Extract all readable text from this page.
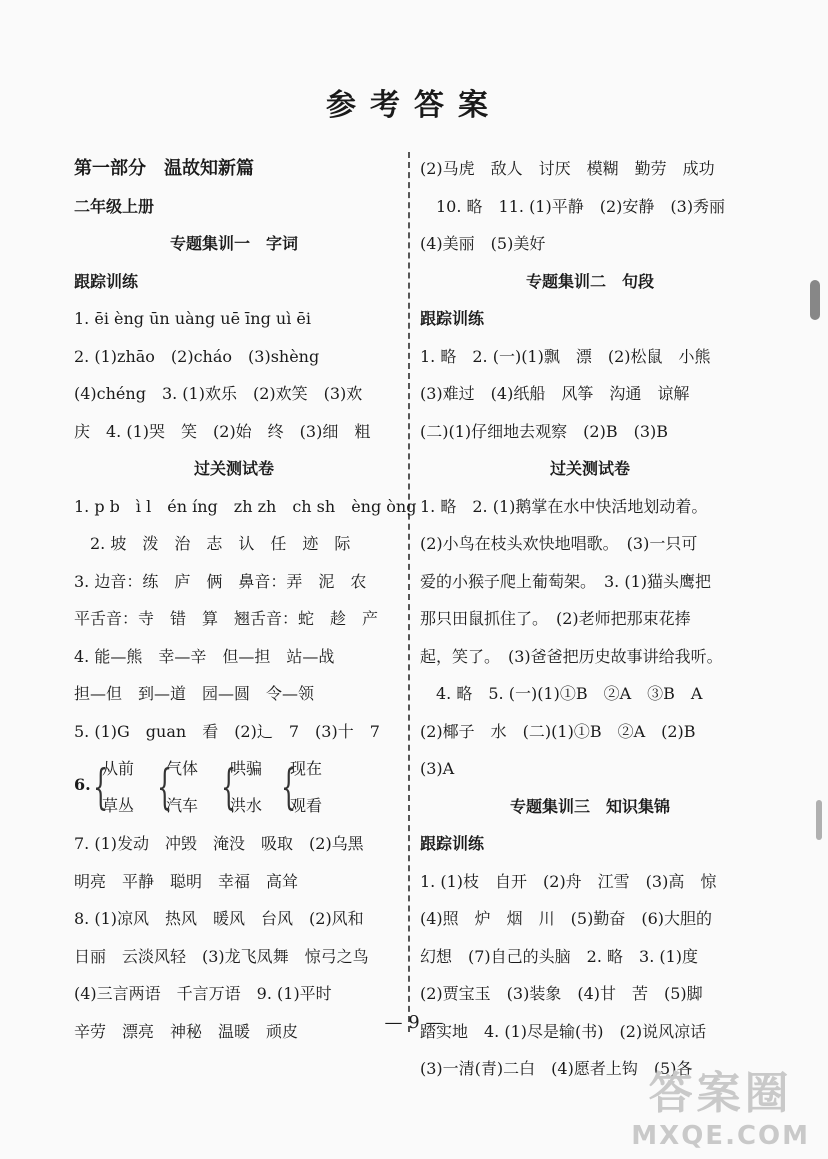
参考答案
第一部分　温故知新篇
二年级上册
专题集训一　字词
跟踪训练
1. ēi èng ūn uàng uē īng uì ēi
2. (1)zhāo　(2)cháo　(3)shèng
(4)chéng　3. (1)欢乐　(2)欢笑　(3)欢
庆　4. (1)哭　笑　(2)始　终　(3)细　粗
过关测试卷
1. p b　ì l　én íng　zh zh　ch sh　èng òng
　2. 坡　泼　治　志　认　任　迹　际
3. 边音：练　庐　俩　鼻音：弄　泥　农
平舌音：寺　错　算　翘舌音：蛇　趁　产
4. 能—熊　幸—辛　但—担　站—战
担—但　到—道　园—圆　令—领
5. (1)G　guan　看　(2)辶　7　(3)十　7
6. {
从前
草丛 {
气体
汽车 {
哄骗
洪水 {
现在
观看
7. (1)发动　冲毁　淹没　吸取　(2)乌黑
明亮　平静　聪明　幸福　高耸
8. (1)凉风　热风　暖风　台风　(2)风和
日丽　云淡风轻　(3)龙飞凤舞　惊弓之鸟
(4)三言两语　千言万语　9. (1)平时
辛劳　漂亮　神秘　温暖　顽皮
(2)马虎　敌人　讨厌　模糊　勤劳　成功
　10. 略　11. (1)平静　(2)安静　(3)秀丽
(4)美丽　(5)美好
专题集训二　句段
跟踪训练
1. 略　2. (一)(1)飘　漂　(2)松鼠　小熊
(3)难过　(4)纸船　风筝　沟通　谅解
(二)(1)仔细地去观察　(2)B　(3)B
过关测试卷
1. 略　2. (1)鹅掌在水中快活地划动着。
(2)小鸟在枝头欢快地唱歌。　(3)一只可
爱的小猴子爬上葡萄架。　3. (1)猫头鹰把
那只田鼠抓住了。　(2)老师把那束花捧
起，笑了。　(3)爸爸把历史故事讲给我听。
　4. 略　5. (一)(1)①B　②A　③B　A
(2)椰子　水　(二)(1)①B　②A　(2)B
(3)A
专题集训三　知识集锦
跟踪训练
1. (1)枝　自开　(2)舟　江雪　(3)高　惊
(4)照　炉　烟　川　(5)勤奋　(6)大胆的
幻想　(7)自己的头脑　2. 略　3. (1)度
(2)贾宝玉　(3)装象　(4)甘　苦　(5)脚
踏实地　4. (1)尽是输(书)　(2)说风凉话
(3)一清(青)二白　(4)愿者上钩　(5)各
— 9 —
答案圈
MXQE.COM
